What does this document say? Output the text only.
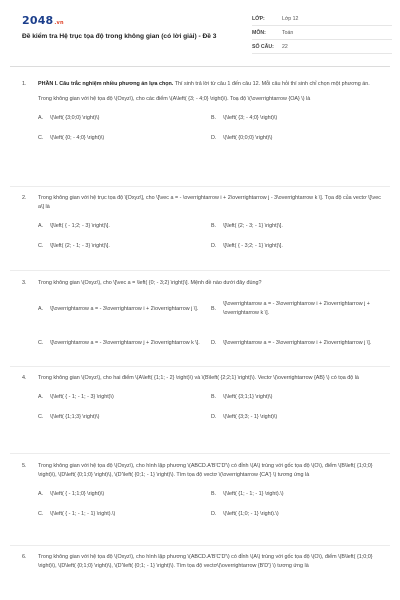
2048.vn
Đề kiểm tra Hệ trục tọa độ trong không gian (có lời giải) - Đề 3
LỚP:	Lớp 12
MÔN:	Toán
SỐ CÂU:	22
1. PHẦN I. Câu trắc nghiệm nhiều phương án lựa chọn. Thí sinh trả lời từ câu 1 đến câu 12. Mỗi câu hỏi thí sinh chỉ chọn một phương án.
Trong không gian với hệ tọa độ \(Oxyz\), cho các điểm \(A\left( {3; - 4;0} \right)\). Toạ độ \(\overrightarrow {OA} \) là
A.	\(\left( {3;0;0} \right)\)	B.	\(\left( {3; - 4;0} \right)\)
C.	\(\left( {0; - 4;0} \right)\)	D.	\(\left( {0;0;0} \right)\)
2. Trong không gian với hệ trục tọa độ \[Oxyz\], cho \[\vec a = - \overrightarrow i + 2\overrightarrow j - 3\overrightarrow k \]. Tọa độ của vectơ \[\vec a\] là
A.	\[\left( { - 1;2; - 3} \right)\].	B.	\[\left( {2; - 3; - 1} \right)\].
C.	\[\left( {2; - 1; - 3} \right)\].	D.	\[\left( { - 3;2; - 1} \right)\].
3. Trong không gian \(Oxyz\), cho \[\vec a = \left( {0; - 3;2} \right)\]. Mệnh đề nào dưới đây đúng?
A.	\[\overrightarrow a = - 3\overrightarrow i + 2\overrightarrow j \].	B.
\[\overrightarrow a = - 3\overrightarrow i + 2\overrightarrow j + \overrightarrow k \].
C.	\[\overrightarrow a = - 3\overrightarrow j + 2\overrightarrow k \]. D.	\[\overrightarrow a = - 3\overrightarrow i + 2\overrightarrow j \].
4. Trong không gian \(Oxyz\), cho hai điểm \(A\left( {1;1; - 2} \right)\) và \(B\left( {2;2;1} \right)\). Vectơ \(\overrightarrow {AB} \) có tọa độ là
A.	\(\left( { - 1; - 1; - 3} \right)\)	B.	\(\left( {3;1;1} \right)\)
C.	\(\left( {1;1;3} \right)\)	D.	\(\left( {3;3; - 1} \right)\)
5. Trong không gian với hệ tọa độ \(Oxyz\), cho hình lập phương \(ABCD.A'B'C'D'\) có đỉnh \(A\) trùng với gốc tọa độ \(O\), điểm \(B\left( {1;0;0} \right)\), \(D\left( {0;1;0} \right)\), \(D'\left( {0;1; - 1} \right)\). Tìm tọa độ vectơ \(\overrightarrow {CA'} \) tương ứng là
A.	\(\left( { - 1;1;0} \right)\)	B.	\(\left( {1; - 1; - 1} \right).\)
C.	\(\left( { - 1; - 1; - 1} \right).\)	D.	\(\left( {1;0; - 1} \right).\)
6. Trong không gian với hệ tọa độ \(Oxyz\), cho hình lập phương \(ABCD.A'B'C'D'\) có đỉnh \(A\) trùng với gốc tọa độ \(O\), điểm \(B\left( {1;0;0} \right)\), \(D\left( {0;1;0} \right)\), \(D'\left( {0;1; - 1} \right)\). Tìm tọa độ vectơ\(\overrightarrow {B'D'} \) tương ứng là
